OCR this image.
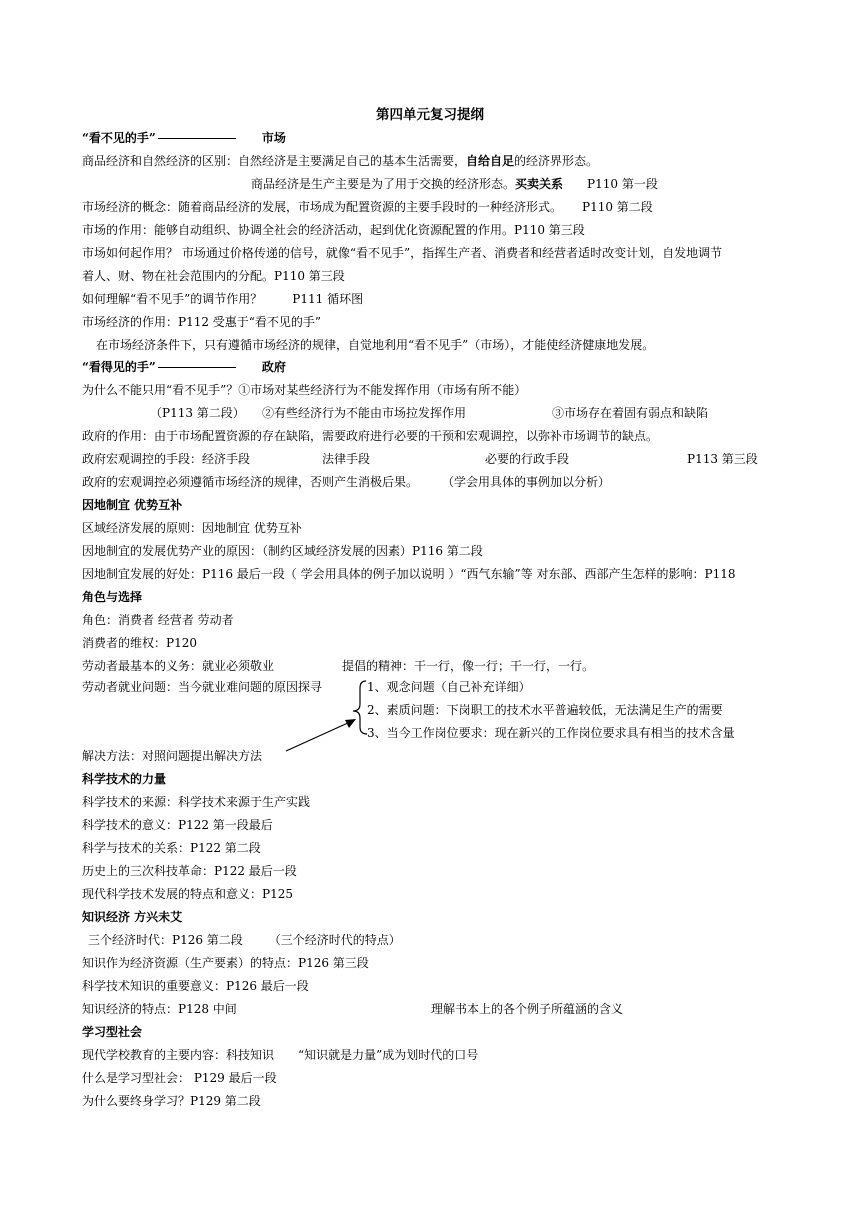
第四单元复习提纲
“看不见的手”	市场
商品经济和自然经济的区别：自然经济是主要满足自己的基本生活需要，自给自足的经济界形态。
商品经济是生产主要是为了用于交换的经济形态。买卖关系 P110 第一段
市场经济的概念：随着商品经济的发展，市场成为配置资源的主要手段时的一种经济形式。 P110 第二段
市场的作用：能够自动组织、协调全社会的经济活动，起到优化资源配置的作用。P110 第三段
市场如何起作用？ 市场通过价格传递的信号，就像“看不见手”，指挥生产者、消费者和经营者适时改变计划，自发地调节
着人、财、物在社会范围内的分配。P110 第三段
如何理解“看不见手”的调节作用？	P111 循环图
市场经济的作用：P112 受惠于“看不见的手”
在市场经济条件下，只有遵循市场经济的规律，自觉地利用“看不见手”（市场），才能使经济健康地发展。
“看得见的手”	政府
为什么不能只用“看不见手”？①市场对某些经济行为不能发挥作用（市场有所不能）
（P113 第二段） ②有些经济行为不能由市场拉发挥作用	③市场存在着固有弱点和缺陷
政府的作用：由于市场配置资源的存在缺陷，需要政府进行必要的干预和宏观调控，以弥补市场调节的缺点。
政府宏观调控的手段：经济手段	法律手段	必要的行政手段	P113 第三段
政府的宏观调控必须遵循市场经济的规律，否则产生消极后果。	（学会用具体的事例加以分析）
因地制宜 优势互补
区域经济发展的原则：因地制宜 优势互补
因地制宜的发展优势产业的原因：（制约区域经济发展的因素）P116 第二段
因地制宜发展的好处：P116 最后一段（ 学会用具体的例子加以说明 ）“西气东输”等 对东部、西部产生怎样的影响：P118
角色与选择
角色：消费者 经营者 劳动者
消费者的维权：P120
劳动者最基本的义务：就业必须敬业	提倡的精神：干一行，像一行；干一行，一行。
劳动者就业问题：当今就业难问题的原因探寻	1、观念问题（自己补充详细）
2、素质问题：下岗职工的技术水平普遍较低，无法满足生产的需要
3、当今工作岗位要求：现在新兴的工作岗位要求具有相当的技术含量
解决方法：对照问题提出解决方法
科学技术的力量
科学技术的来源：科学技术来源于生产实践
科学技术的意义：P122 第一段最后
科学与技术的关系：P122 第二段
历史上的三次科技革命：P122 最后一段
现代科学技术发展的特点和意义：P125
知识经济 方兴未艾
三个经济时代：P126 第二段 （三个经济时代的特点）
知识作为经济资源（生产要素）的特点：P126 第三段
科学技术知识的重要意义：P126 最后一段
知识经济的特点：P128 中间	理解书本上的各个例子所蕴涵的含义
学习型社会
现代学校教育的主要内容：科技知识 “知识就是力量”成为划时代的口号
什么是学习型社会： P129 最后一段
为什么要终身学习？P129 第二段
